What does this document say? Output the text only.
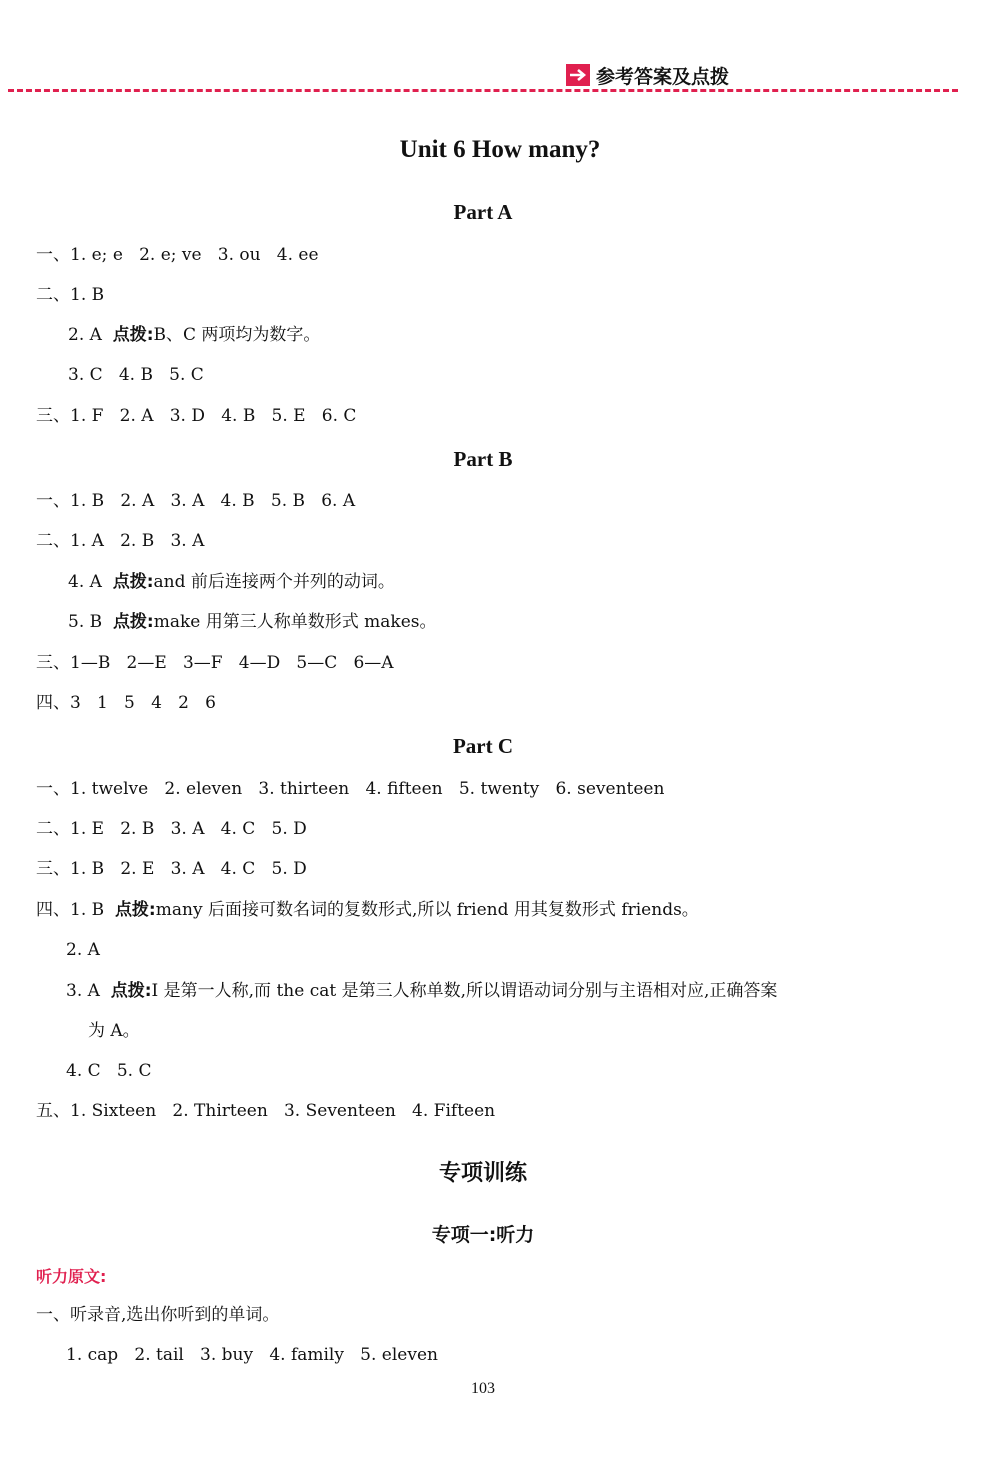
参考答案及点拨
Unit 6 How many?
Part A
一、1. e; e   2. e; ve   3. ou   4. ee
二、1. B
2. A  点拨:B、C 两项均为数字。
3. C   4. B   5. C
三、1. F   2. A   3. D   4. B   5. E   6. C
Part B
一、1. B   2. A   3. A   4. B   5. B   6. A
二、1. A   2. B   3. A
4. A  点拨:and 前后连接两个并列的动词。
5. B  点拨:make 用第三人称单数形式 makes。
三、1—B   2—E   3—F   4—D   5—C   6—A
四、3   1   5   4   2   6
Part C
一、1. twelve   2. eleven   3. thirteen   4. fifteen   5. twenty   6. seventeen
二、1. E   2. B   3. A   4. C   5. D
三、1. B   2. E   3. A   4. C   5. D
四、1. B  点拨:many 后面接可数名词的复数形式,所以 friend 用其复数形式 friends。
2. A
3. A  点拨:I 是第一人称,而 the cat 是第三人称单数,所以谓语动词分别与主语相对应,正确答案
为 A。
4. C   5. C
五、1. Sixteen   2. Thirteen   3. Seventeen   4. Fifteen
专项训练
专项一:听力
听力原文:
一、听录音,选出你听到的单词。
1. cap   2. tail   3. buy   4. family   5. eleven
103
